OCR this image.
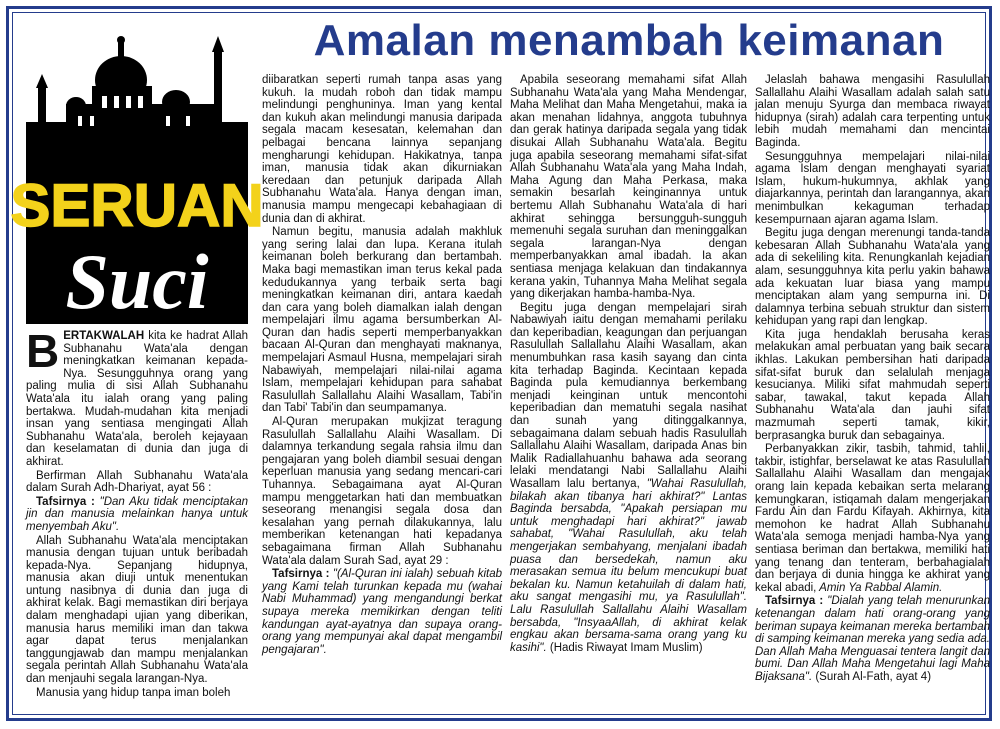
Amalan menambah keimanan
SERUAN
Suci

BERTAKWALAH kita ke hadrat Allah Subhanahu Wata'ala dengan meningkatkan keimanan kepada-Nya. Sesungguhnya orang yang paling mulia di sisi Allah Subhanahu Wata'ala itu ialah orang yang paling bertakwa. Mudah-mudahan kita menjadi insan yang sentiasa mengingati Allah Subhanahu Wata'ala, beroleh kejayaan dan keselamatan di dunia dan juga di akhirat.

Berfirman Allah Subhanahu Wata'ala dalam Surah Adh-Dhariyat, ayat 56 :

Tafsirnya : "Dan Aku tidak menciptakan jin dan manusia melainkan hanya untuk menyembah Aku".

Allah Subhanahu Wata'ala menciptakan manusia dengan tujuan untuk beribadah kepada-Nya. Sepanjang hidupnya, manusia akan diuji untuk menentukan untung nasibnya di dunia dan juga di akhirat kelak. Bagi memastikan diri berjaya dalam menghadapi ujian yang diberikan, manusia harus memiliki iman dan takwa agar dapat terus menjalankan tanggungjawab dan mampu menjalankan segala perintah Allah Subhanahu Wata'ala dan menjauhi segala larangan-Nya.

Manusia yang hidup tanpa iman boleh

diibaratkan seperti rumah tanpa asas yang kukuh. Ia mudah roboh dan tidak mampu melindungi penghuninya. Iman yang kental dan kukuh akan melindungi manusia daripada segala macam kesesatan, kelemahan dan pelbagai bencana lainnya sepanjang mengharungi kehidupan. Hakikatnya, tanpa iman, manusia tidak akan dikurniakan keredaan dan petunjuk daripada Allah Subhanahu Wata'ala. Hanya dengan iman, manusia mampu mengecapi kebahagiaan di dunia dan di akhirat.

Namun begitu, manusia adalah makhluk yang sering lalai dan lupa. Kerana itulah keimanan boleh berkurang dan bertambah. Maka bagi memastikan iman terus kekal pada kedudukannya yang terbaik serta bagi meningkatkan keimanan diri, antara kaedah dan cara yang boleh diamalkan ialah dengan mempelajari ilmu agama bersumberkan Al-Quran dan hadis seperti memperbanyakkan bacaan Al-Quran dan menghayati maknanya, mempelajari Asmaul Husna, mempelajari sirah Nabawiyah, mempelajari nilai-nilai agama Islam, mempelajari kehidupan para sahabat Rasulullah Sallallahu Alaihi Wasallam, Tabi'in dan Tabi' Tabi'in dan seumpamanya.

Al-Quran merupakan mukjizat teragung Rasulullah Sallallahu Alaihi Wasallam. Di dalamnya terkandung segala rahsia ilmu dan pengajaran yang boleh diambil sesuai dengan keperluan manusia yang sedang mencari-cari Tuhannya. Sebagaimana ayat Al-Quran mampu menggetarkan hati dan membuatkan seseorang menangisi segala dosa dan kesalahan yang pernah dilakukannya, lalu memberikan ketenangan hati kepadanya sebagaimana firman Allah Subhanahu Wata'ala dalam Surah Sad, ayat 29 :

Tafsirnya : "(Al-Quran ini ialah) sebuah kitab yang Kami telah turunkan kepada mu (wahai Nabi Muhammad) yang mengandungi berkat supaya mereka memikirkan dengan teliti kandungan ayat-ayatnya dan supaya orang-orang yang mempunyai akal dapat mengambil pengajaran".

Apabila seseorang memahami sifat Allah Subhanahu Wata'ala yang Maha Mendengar, Maha Melihat dan Maha Mengetahui, maka ia akan menahan lidahnya, anggota tubuhnya dan gerak hatinya daripada segala yang tidak disukai Allah Subhanahu Wata'ala. Begitu juga apabila seseorang memahami sifat-sifat Allah Subhanahu Wata'ala yang Maha Indah, Maha Agung dan Maha Perkasa, maka semakin besarlah keinginannya untuk bertemu Allah Subhanahu Wata'ala di hari akhirat sehingga bersungguh-sungguh memenuhi segala suruhan dan meninggalkan segala larangan-Nya dengan memperbanyakkan amal ibadah. Ia akan sentiasa menjaga kelakuan dan tindakannya kerana yakin, Tuhannya Maha Melihat segala yang dikerjakan hamba-hamba-Nya.

Begitu juga dengan mempelajari sirah Nabawiyah iaitu dengan memahami perilaku dan keperibadian, keagungan dan perjuangan Rasulullah Sallallahu Alaihi Wasallam, akan menumbuhkan rasa kasih sayang dan cinta kita terhadap Baginda. Kecintaan kepada Baginda pula kemudiannya berkembang menjadi keinginan untuk mencontohi keperibadian dan mematuhi segala nasihat dan sunah yang ditinggalkannya, sebagaimana dalam sebuah hadis Rasulullah Sallallahu Alaihi Wasallam, daripada Anas bin Malik Radiallahuanhu bahawa ada seorang lelaki mendatangi Nabi Sallallahu Alaihi Wasallam lalu bertanya, "Wahai Rasulullah, bilakah akan tibanya hari akhirat?" Lantas Baginda bersabda, "Apakah persiapan mu untuk menghadapi hari akhirat?" jawab sahabat, "Wahai Rasulullah, aku telah mengerjakan sembahyang, menjalani ibadah puasa dan bersedekah, namun aku merasakan semua itu belum mencukupi buat bekalan ku. Namun ketahuilah di dalam hati, aku sangat mengasihi mu, ya Rasulullah". Lalu Rasulullah Sallallahu Alaihi Wasallam bersabda, "InsyaaAllah, di akhirat kelak engkau akan bersama-sama orang yang ku kasihi". (Hadis Riwayat Imam Muslim)

Jelaslah bahawa mengasihi Rasulullah Sallallahu Alaihi Wasallam adalah salah satu jalan menuju Syurga dan membaca riwayat hidupnya (sirah) adalah cara terpenting untuk lebih mudah memahami dan mencintai Baginda.

Sesungguhnya mempelajari nilai-nilai agama Islam dengan menghayati syariat Islam, hukum-hukumnya, akhlak yang diajarkannya, perintah dan larangannya, akan menimbulkan kekaguman terhadap kesempurnaan ajaran agama Islam.

Begitu juga dengan merenungi tanda-tanda kebesaran Allah Subhanahu Wata'ala yang ada di sekeliling kita. Renungkanlah kejadian alam, sesungguhnya kita perlu yakin bahawa ada kekuatan luar biasa yang mampu menciptakan alam yang sempurna ini. Di dalamnya terbina sebuah struktur dan sistem kehidupan yang rapi dan lengkap.

Kita juga hendaklah berusaha keras melakukan amal perbuatan yang baik secara ikhlas. Lakukan pembersihan hati daripada sifat-sifat buruk dan selalulah menjaga kesucianya. Miliki sifat mahmudah seperti sabar, tawakal, takut kepada Allah Subhanahu Wata'ala dan jauhi sifat mazmumah seperti tamak, kikir, berprasangka buruk dan sebagainya.

Perbanyakkan zikir, tasbih, tahmid, tahlil, takbir, istighfar, berselawat ke atas Rasulullah Sallallahu Alaihi Wasallam dan mengajak orang lain kepada kebaikan serta melarang kemungkaran, istiqamah dalam mengerjakan Fardu Ain dan Fardu Kifayah. Akhirnya, kita memohon ke hadrat Allah Subhanahu Wata'ala semoga menjadi hamba-Nya yang sentiasa beriman dan bertakwa, memiliki hati yang tenang dan tenteram, berbahagialah dan berjaya di dunia hingga ke akhirat yang kekal abadi, Amin Ya Rabbal Alamin.

Tafsirnya : "Dialah yang telah menurunkan ketenangan dalam hati orang-orang yang beriman supaya keimanan mereka bertambah di samping keimanan mereka yang sedia ada. Dan Allah Maha Menguasai tentera langit dan bumi. Dan Allah Maha Mengetahui lagi Maha Bijaksana". (Surah Al-Fath, ayat 4)
